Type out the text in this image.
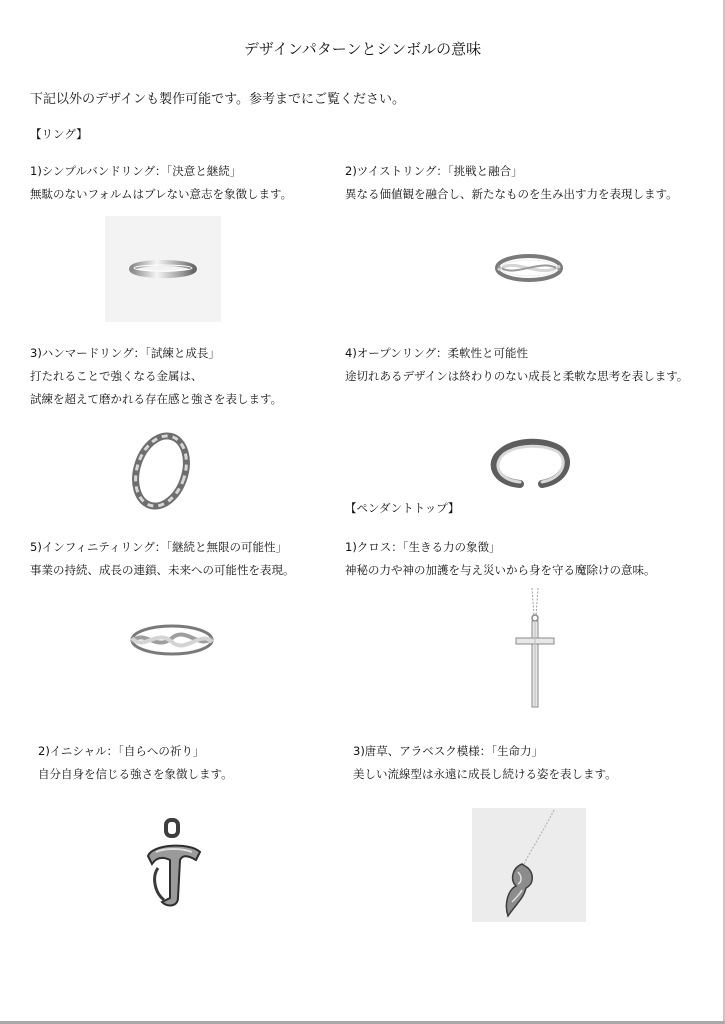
デザインパターンとシンボルの意味
下記以外のデザインも製作可能です。参考までにご覧ください。
【リング】
1)シンプルバンドリング：「決意と継続」
無駄のないフォルムはブレない意志を象徴します。
2)ツイストリング：「挑戦と融合」
異なる価値観を融合し、新たなものを生み出す力を表現します。
3)ハンマードリング：「試練と成長」
打たれることで強くなる金属は、
試練を超えて磨かれる存在感と強さを表します。
4)オープンリング：柔軟性と可能性
途切れあるデザインは終わりのない成長と柔軟な思考を表します。
【ペンダントトップ】
5)インフィニティリング：「継続と無限の可能性」
事業の持続、成長の連鎖、未来への可能性を表現。
1)クロス：「生きる力の象徴」
神秘の力や神の加護を与え災いから身を守る魔除けの意味。
2)イニシャル：「自らへの祈り」
自分自身を信じる強さを象徴します。
3)唐草、アラベスク模様：「生命力」
美しい流線型は永遠に成長し続ける姿を表します。
